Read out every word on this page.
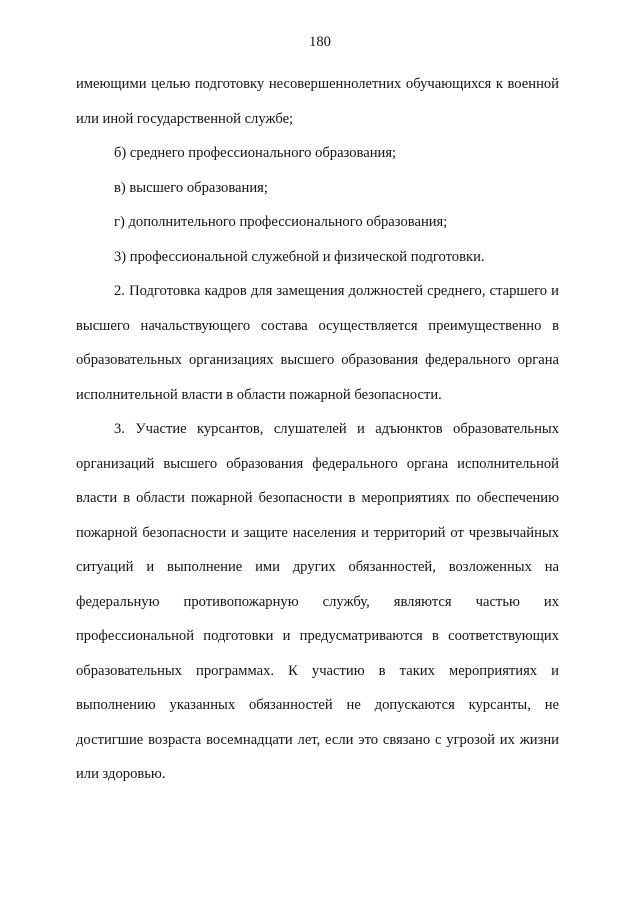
180

имеющими целью подготовку несовершеннолетних обучающихся к военной или иной государственной службе;

б) среднего профессионального образования;

в) высшего образования;

г) дополнительного профессионального образования;

3) профессиональной служебной и физической подготовки.

2. Подготовка кадров для замещения должностей среднего, старшего и высшего начальствующего состава осуществляется преимущественно в образовательных организациях высшего образования федерального органа исполнительной власти в области пожарной безопасности.

3. Участие курсантов, слушателей и адъюнктов образовательных организаций высшего образования федерального органа исполнительной власти в области пожарной безопасности в мероприятиях по обеспечению пожарной безопасности и защите населения и территорий от чрезвычайных ситуаций и выполнение ими других обязанностей, возложенных на федеральную противопожарную службу, являются частью их профессиональной подготовки и предусматриваются в соответствующих образовательных программах. К участию в таких мероприятиях и выполнению указанных обязанностей не допускаются курсанты, не достигшие возраста восемнадцати лет, если это связано с угрозой их жизни или здоровью.
